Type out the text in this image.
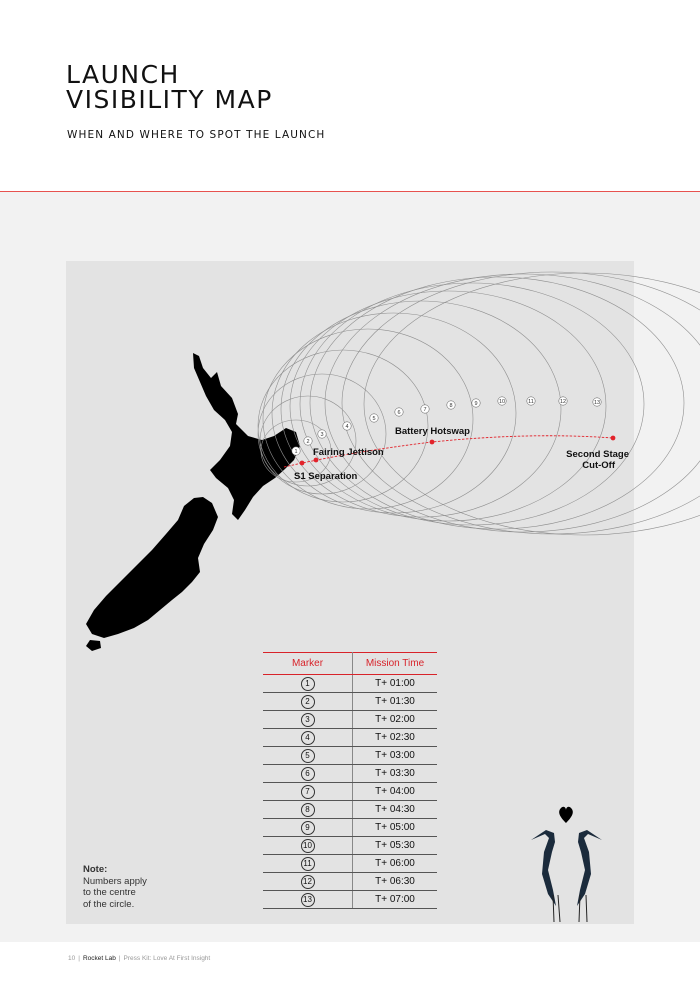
LAUNCH
VISIBILITY MAP
WHEN AND WHERE TO SPOT THE LAUNCH
1
2
3
4
5
6	7
8	9	10	11	12	13
S1 Separation
Fairing Jettison
Battery Hotswap
Second Stage
Cut-Off
Marker	Mission Time
1	T+ 01:00
2	T+ 01:30
3	T+ 02:00
4	T+ 02:30
5	T+ 03:00
6	T+ 03:30
7	T+ 04:00
8	T+ 04:30
9	T+ 05:00
10	T+ 05:30
11	T+ 06:00
12	T+ 06:30
13	T+ 07:00
Note:
Numbers apply
to the centre
of the circle.
10 | Rocket Lab | Press Kit: Love At First Insight
